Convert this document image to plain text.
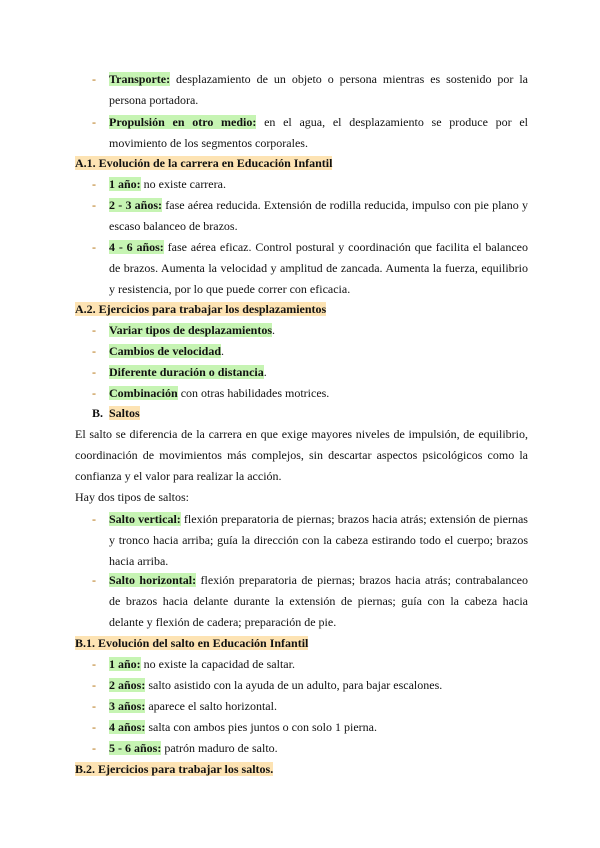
- Transporte: desplazamiento de un objeto o persona mientras es sostenido por la persona portadora.
- Propulsión en otro medio: en el agua, el desplazamiento se produce por el movimiento de los segmentos corporales.
A.1. Evolución de la carrera en Educación Infantil
- 1 año: no existe carrera.
- 2 - 3 años: fase aérea reducida. Extensión de rodilla reducida, impulso con pie plano y escaso balanceo de brazos.
- 4 - 6 años: fase aérea eficaz. Control postural y coordinación que facilita el balanceo de brazos. Aumenta la velocidad y amplitud de zancada. Aumenta la fuerza, equilibrio y resistencia, por lo que puede correr con eficacia.
A.2. Ejercicios para trabajar los desplazamientos
- Variar tipos de desplazamientos.
- Cambios de velocidad.
- Diferente duración o distancia.
- Combinación con otras habilidades motrices.
B. Saltos
El salto se diferencia de la carrera en que exige mayores niveles de impulsión, de equilibrio, coordinación de movimientos más complejos, sin descartar aspectos psicológicos como la confianza y el valor para realizar la acción.
Hay dos tipos de saltos:
- Salto vertical: flexión preparatoria de piernas; brazos hacia atrás; extensión de piernas y tronco hacia arriba; guía la dirección con la cabeza estirando todo el cuerpo; brazos hacia arriba.
- Salto horizontal: flexión preparatoria de piernas; brazos hacia atrás; contrabalanceo de brazos hacia delante durante la extensión de piernas; guía con la cabeza hacia delante y flexión de cadera; preparación de pie.
B.1. Evolución del salto en Educación Infantil
- 1 año: no existe la capacidad de saltar.
- 2 años: salto asistido con la ayuda de un adulto, para bajar escalones.
- 3 años: aparece el salto horizontal.
- 4 años: salta con ambos pies juntos o con solo 1 pierna.
- 5 - 6 años: patrón maduro de salto.
B.2. Ejercicios para trabajar los saltos.
